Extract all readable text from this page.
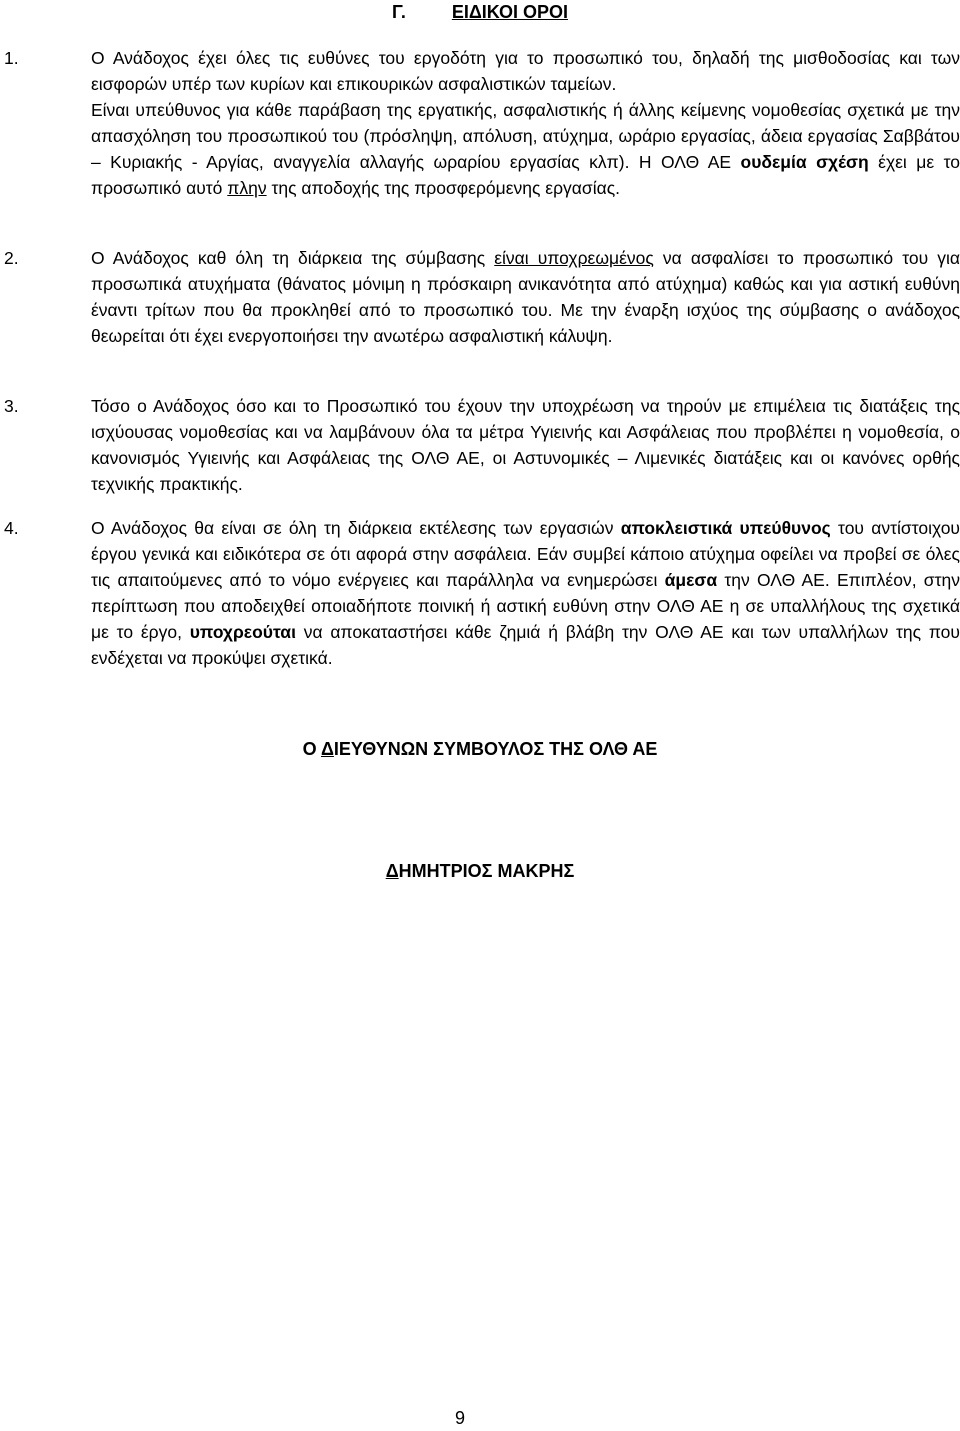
Γ.	ΕΙΔΙΚΟΙ ΟΡΟΙ
1.	Ο Ανάδοχος έχει όλες τις ευθύνες του εργοδότη για το προσωπικό του, δηλαδή της μισθοδοσίας και των εισφορών υπέρ των κυρίων και επικουρικών ασφαλιστικών ταμείων.
Είναι υπεύθυνος για κάθε παράβαση της εργατικής, ασφαλιστικής ή άλλης κείμενης νομοθεσίας σχετικά με την απασχόληση του προσωπικού του (πρόσληψη, απόλυση, ατύχημα, ωράριο εργασίας, άδεια εργασίας Σαββάτου – Κυριακής - Αργίας, αναγγελία αλλαγής ωραρίου εργασίας κλπ). Η ΟΛΘ ΑΕ ουδεμία σχέση έχει με το προσωπικό αυτό πλην της αποδοχής της προσφερόμενης εργασίας.
2.	Ο Ανάδοχος καθ όλη τη διάρκεια της σύμβασης είναι υποχρεωμένος να ασφαλίσει το προσωπικό του για προσωπικά ατυχήματα (θάνατος μόνιμη η πρόσκαιρη ανικανότητα από ατύχημα) καθώς και για αστική ευθύνη έναντι τρίτων που θα προκληθεί από το προσωπικό του. Με την έναρξη ισχύος της σύμβασης ο ανάδοχος θεωρείται ότι έχει ενεργοποιήσει την ανωτέρω ασφαλιστική κάλυψη.
3.	Τόσο ο Ανάδοχος όσο και το Προσωπικό του έχουν την υποχρέωση να τηρούν με επιμέλεια τις διατάξεις της ισχύουσας νομοθεσίας και να λαμβάνουν όλα τα μέτρα Υγιεινής και Ασφάλειας που προβλέπει η νομοθεσία, ο κανονισμός Υγιεινής και Ασφάλειας της ΟΛΘ ΑΕ, οι Αστυνομικές – Λιμενικές διατάξεις και οι κανόνες ορθής τεχνικής πρακτικής.
4.	Ο Ανάδοχος θα είναι σε όλη τη διάρκεια εκτέλεσης των εργασιών αποκλειστικά υπεύθυνος του αντίστοιχου έργου γενικά και ειδικότερα σε ότι αφορά στην ασφάλεια. Εάν συμβεί κάποιο ατύχημα οφείλει να προβεί σε όλες τις απαιτούμενες από το νόμο ενέργειες και παράλληλα να ενημερώσει άμεσα την ΟΛΘ ΑΕ. Επιπλέον, στην περίπτωση που αποδειχθεί οποιαδήποτε ποινική ή αστική ευθύνη στην ΟΛΘ ΑΕ η σε υπαλλήλους της σχετικά με το έργο, υποχρεούται να αποκαταστήσει κάθε ζημιά ή βλάβη την ΟΛΘ ΑΕ και των υπαλλήλων της που ενδέχεται να προκύψει σχετικά.
Ο ΔΙΕΥΘΥΝΩΝ ΣΥΜΒΟΥΛΟΣ ΤΗΣ ΟΛΘ ΑΕ
ΔΗΜΗΤΡΙΟΣ ΜΑΚΡΗΣ
9
